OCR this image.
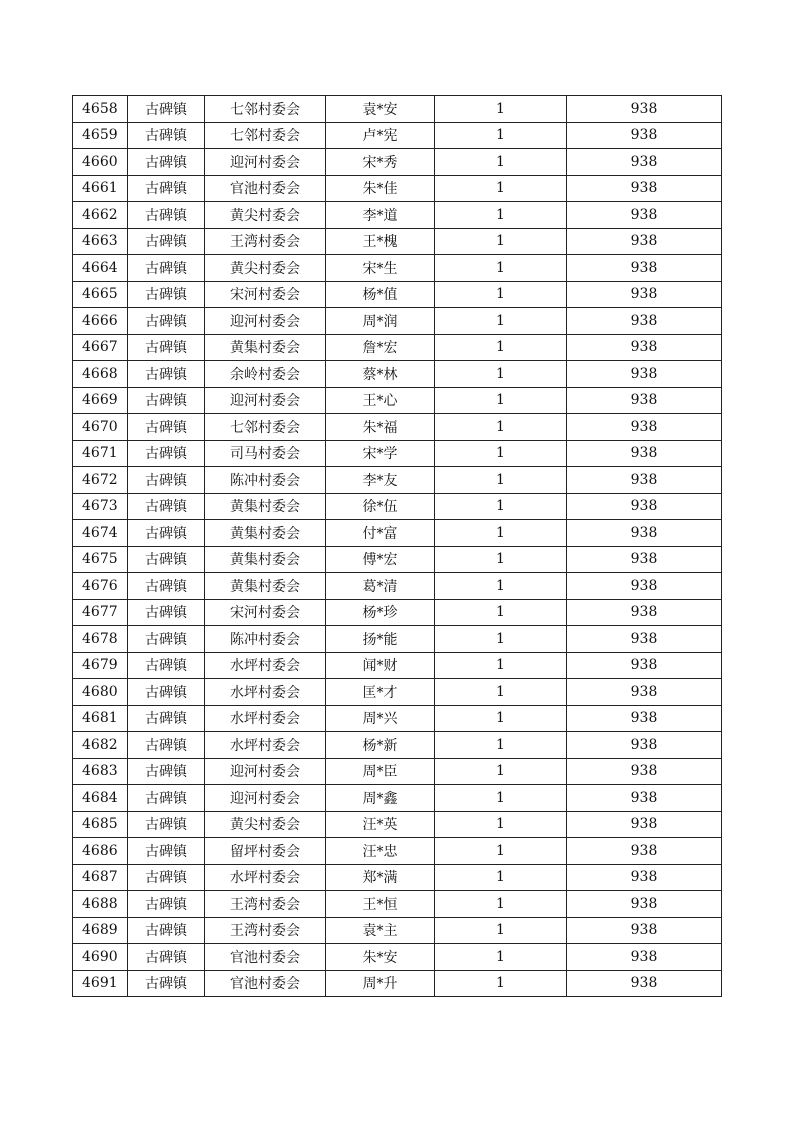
4658	古碑镇	七邻村委会	袁*安	1	938
4659	古碑镇	七邻村委会	卢*宪	1	938
4660	古碑镇	迎河村委会	宋*秀	1	938
4661	古碑镇	官池村委会	朱*佳	1	938
4662	古碑镇	黄尖村委会	李*道	1	938
4663	古碑镇	王湾村委会	王*槐	1	938
4664	古碑镇	黄尖村委会	宋*生	1	938
4665	古碑镇	宋河村委会	杨*值	1	938
4666	古碑镇	迎河村委会	周*润	1	938
4667	古碑镇	黄集村委会	詹*宏	1	938
4668	古碑镇	余岭村委会	蔡*林	1	938
4669	古碑镇	迎河村委会	王*心	1	938
4670	古碑镇	七邻村委会	朱*福	1	938
4671	古碑镇	司马村委会	宋*学	1	938
4672	古碑镇	陈冲村委会	李*友	1	938
4673	古碑镇	黄集村委会	徐*伍	1	938
4674	古碑镇	黄集村委会	付*富	1	938
4675	古碑镇	黄集村委会	傅*宏	1	938
4676	古碑镇	黄集村委会	葛*清	1	938
4677	古碑镇	宋河村委会	杨*珍	1	938
4678	古碑镇	陈冲村委会	扬*能	1	938
4679	古碑镇	水坪村委会	闻*财	1	938
4680	古碑镇	水坪村委会	匡*才	1	938
4681	古碑镇	水坪村委会	周*兴	1	938
4682	古碑镇	水坪村委会	杨*新	1	938
4683	古碑镇	迎河村委会	周*臣	1	938
4684	古碑镇	迎河村委会	周*鑫	1	938
4685	古碑镇	黄尖村委会	汪*英	1	938
4686	古碑镇	留坪村委会	汪*忠	1	938
4687	古碑镇	水坪村委会	郑*满	1	938
4688	古碑镇	王湾村委会	王*恒	1	938
4689	古碑镇	王湾村委会	袁*主	1	938
4690	古碑镇	官池村委会	朱*安	1	938
4691	古碑镇	官池村委会	周*升	1	938
